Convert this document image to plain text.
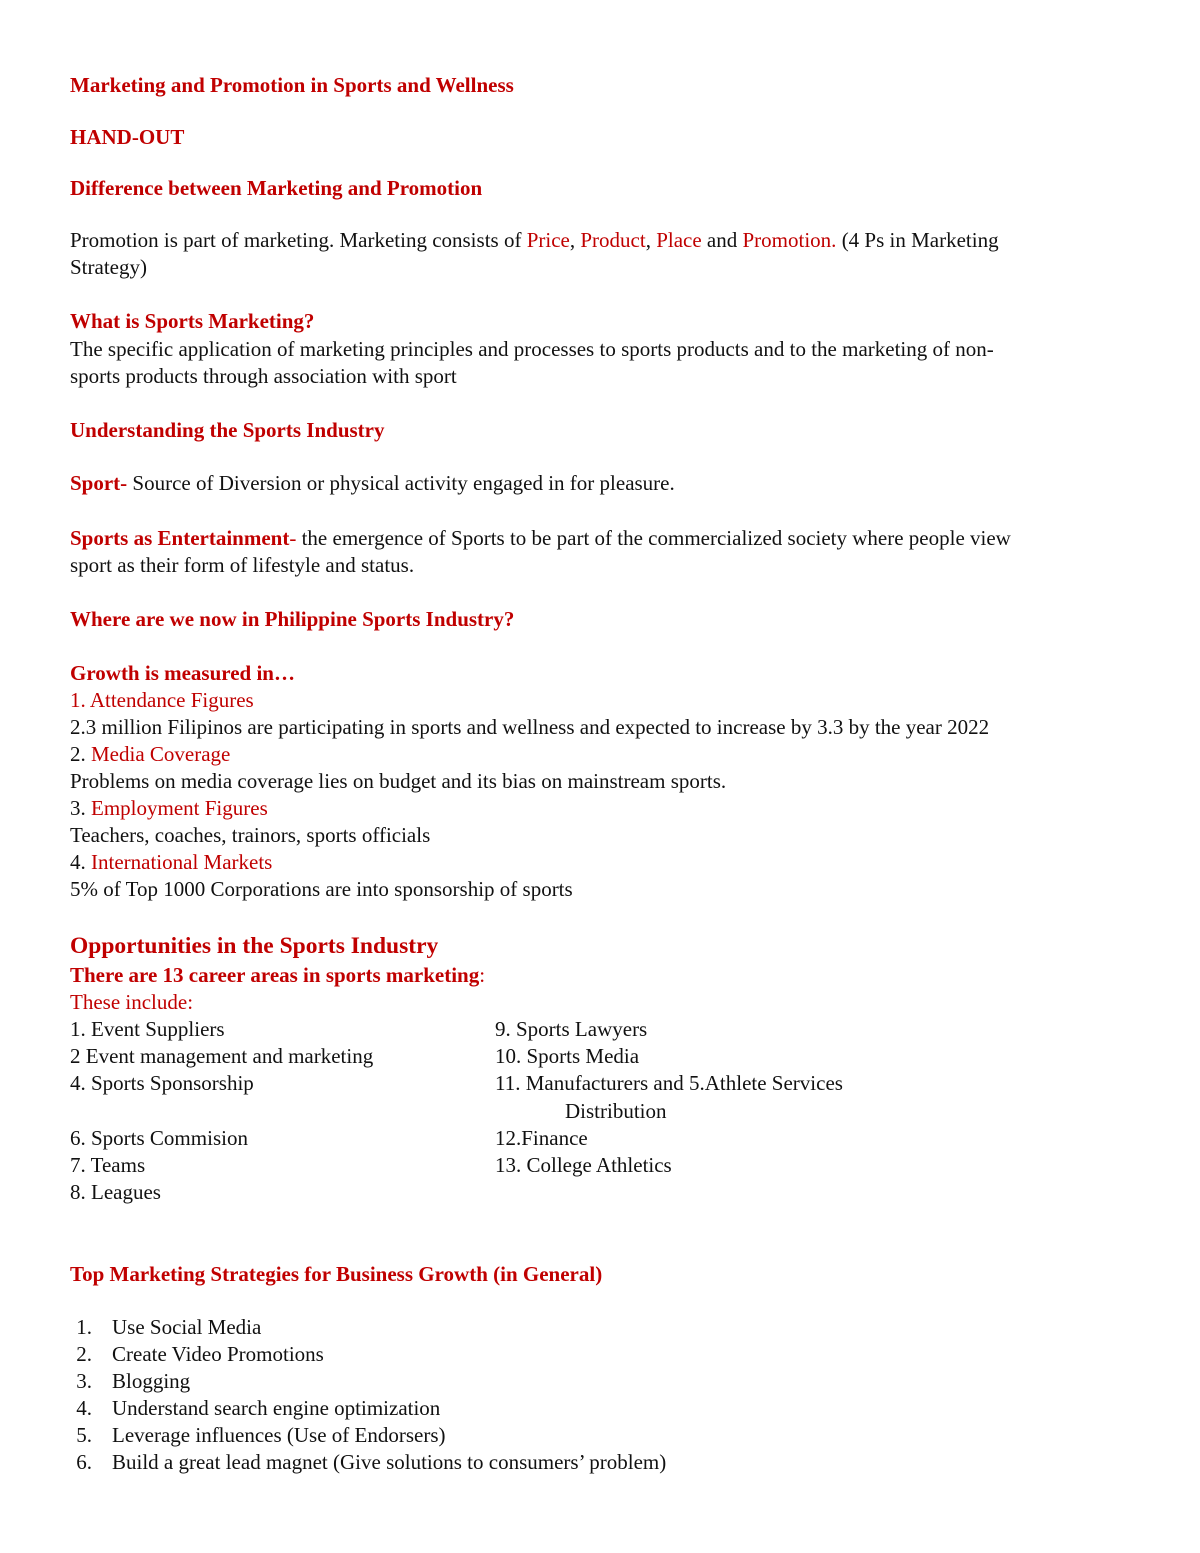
Marketing and Promotion in Sports and Wellness
HAND-OUT
Difference between Marketing and Promotion
Promotion is part of marketing. Marketing consists of Price, Product, Place and Promotion. (4 Ps in Marketing
Strategy)
What is Sports Marketing?
The specific application of marketing principles and processes to sports products and to the marketing of non-
sports products through association with sport
Understanding the Sports Industry
Sport- Source of Diversion or physical activity engaged in for pleasure.
Sports as Entertainment- the emergence of Sports to be part of the commercialized society where people view
sport as their form of lifestyle and status.
Where are we now in Philippine Sports Industry?
Growth is measured in…
1. Attendance Figures
2.3 million Filipinos are participating in sports and wellness and expected to increase by 3.3 by the year 2022
2. Media Coverage
Problems on media coverage lies on budget and its bias on mainstream sports.
3. Employment Figures
Teachers, coaches, trainors, sports officials
4. International Markets
5% of Top 1000 Corporations are into sponsorship of sports
Opportunities in the Sports Industry
There are 13 career areas in sports marketing:
These include:
1. Event Suppliers
2 Event management and marketing
4. Sports Sponsorship
6. Sports Commision
7. Teams
8. Leagues
9. Sports Lawyers
10. Sports Media
11. Manufacturers and 5.Athlete Services
Distribution
12.Finance
13. College Athletics
Top Marketing Strategies for Business Growth (in General)
1. Use Social Media
2. Create Video Promotions
3. Blogging
4. Understand search engine optimization
5. Leverage influences (Use of Endorsers)
6. Build a great lead magnet (Give solutions to consumers’ problem)
